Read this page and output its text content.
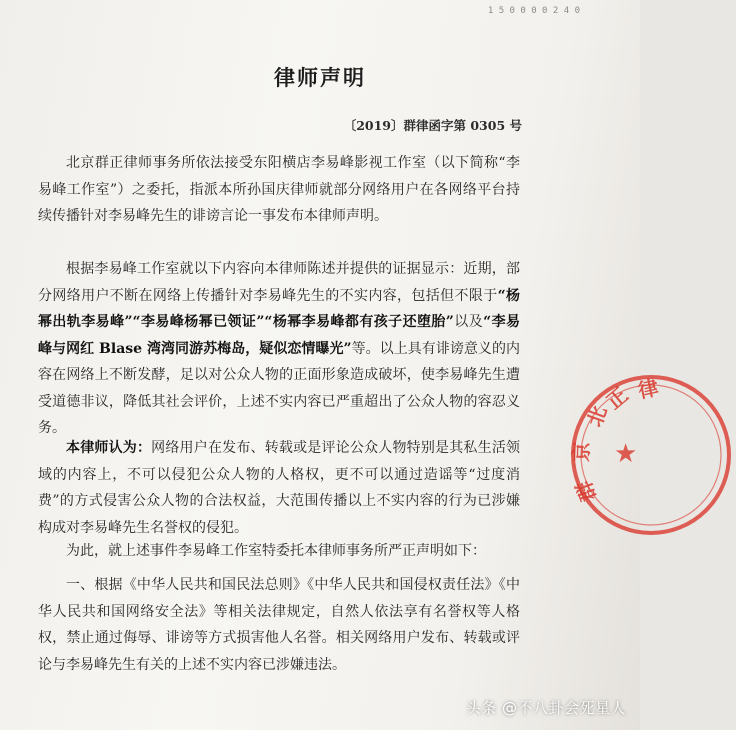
1 5 0 0 0 0 2 4 0
律师声明
〔2019〕群律函字第 0305 号
北京群正律师事务所依法接受东阳横店李易峰影视工作室（以下简称“李易峰工作室”）之委托，指派本所孙国庆律师就部分网络用户在各网络平台持续传播针对李易峰先生的诽谤言论一事发布本律师声明。
根据李易峰工作室就以下内容向本律师陈述并提供的证据显示：近期，部分网络用户不断在网络上传播针对李易峰先生的不实内容，包括但不限于“杨幂出轨李易峰”“李易峰杨幂已领证”“杨幂李易峰都有孩子还堕胎”以及“李易峰与网红 Blase 湾湾同游苏梅岛，疑似恋情曝光”等。以上具有诽谤意义的内容在网络上不断发酵，足以对公众人物的正面形象造成破坏，使李易峰先生遭受道德非议，降低其社会评价，上述不实内容已严重超出了公众人物的容忍义务。
本律师认为：网络用户在发布、转载或是评论公众人物特别是其私生活领域的内容上，不可以侵犯公众人物的人格权，更不可以通过造谣等“过度消费”的方式侵害公众人物的合法权益，大范围传播以上不实内容的行为已涉嫌构成对李易峰先生名誉权的侵犯。
为此，就上述事件李易峰工作室特委托本律师事务所严正声明如下：
一、根据《中华人民共和国民法总则》《中华人民共和国侵权责任法》《中华人民共和国网络安全法》等相关法律规定，自然人依法享有名誉权等人格权，禁止通过侮辱、诽谤等方式损害他人名誉。相关网络用户发布、转载或评论与李易峰先生有关的上述不实内容已涉嫌违法。
北
京
群
正 律
★
头条 @不八卦会死星人
